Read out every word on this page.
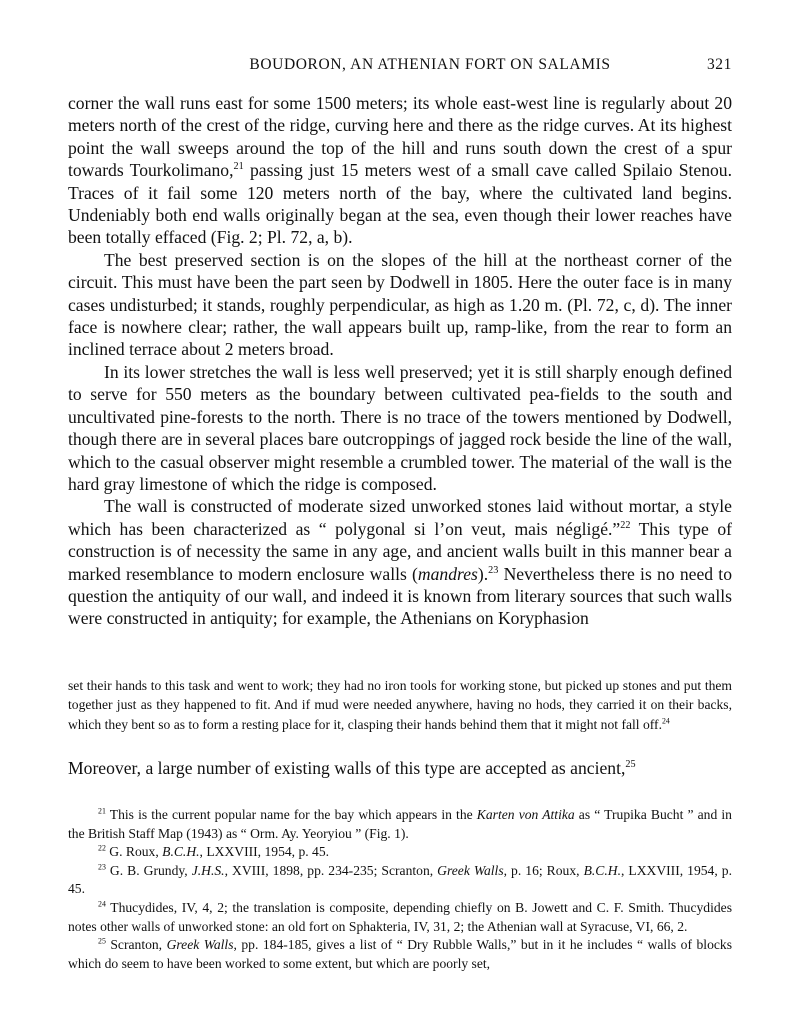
BOUDORON, AN ATHENIAN FORT ON SALAMIS	321

corner the wall runs east for some 1500 meters; its whole east-west line is regularly about 20 meters north of the crest of the ridge, curving here and there as the ridge curves. At its highest point the wall sweeps around the top of the hill and runs south down the crest of a spur towards Tourkolimano,$^{21}$ passing just 15 meters west of a small cave called Spilaio Stenou. Traces of it fail some 120 meters north of the bay, where the cultivated land begins. Undeniably both end walls originally began at the sea, even though their lower reaches have been totally effaced (Fig. 2; Pl. 72, a, b).

The best preserved section is on the slopes of the hill at the northeast corner of the circuit. This must have been the part seen by Dodwell in 1805. Here the outer face is in many cases undisturbed; it stands, roughly perpendicular, as high as 1.20 m. (Pl. 72, c, d). The inner face is nowhere clear; rather, the wall appears built up, ramp-like, from the rear to form an inclined terrace about 2 meters broad.

In its lower stretches the wall is less well preserved; yet it is still sharply enough defined to serve for 550 meters as the boundary between cultivated pea-fields to the south and uncultivated pine-forests to the north. There is no trace of the towers mentioned by Dodwell, though there are in several places bare outcroppings of jagged rock beside the line of the wall, which to the casual observer might resemble a crumbled tower. The material of the wall is the hard gray limestone of which the ridge is composed.

The wall is constructed of moderate sized unworked stones laid without mortar, a style which has been characterized as “ polygonal si l’on veut, mais négligé.”$^{22}$ This type of construction is of necessity the same in any age, and ancient walls built in this manner bear a marked resemblance to modern enclosure walls (mandres).$^{23}$ Nevertheless there is no need to question the antiquity of our wall, and indeed it is known from literary sources that such walls were constructed in antiquity; for example, the Athenians on Koryphasion

set their hands to this task and went to work; they had no iron tools for working stone, but picked up stones and put them together just as they happened to fit. And if mud were needed anywhere, having no hods, they carried it on their backs, which they bent so as to form a resting place for it, clasping their hands behind them that it might not fall off.$^{24}$

Moreover, a large number of existing walls of this type are accepted as ancient,$^{25}$

$^{21}$ This is the current popular name for the bay which appears in the Karten von Attika as “ Trupika Bucht ” and in the British Staff Map (1943) as “ Orm. Ay. Yeoryiou ” (Fig. 1).

$^{22}$ G. Roux, B.C.H., LXXVIII, 1954, p. 45.

$^{23}$ G. B. Grundy, J.H.S., XVIII, 1898, pp. 234-235; Scranton, Greek Walls, p. 16; Roux, B.C.H., LXXVIII, 1954, p. 45.

$^{24}$ Thucydides, IV, 4, 2; the translation is composite, depending chiefly on B. Jowett and C. F. Smith. Thucydides notes other walls of unworked stone: an old fort on Sphakteria, IV, 31, 2; the Athenian wall at Syracuse, VI, 66, 2.

$^{25}$ Scranton, Greek Walls, pp. 184-185, gives a list of “ Dry Rubble Walls,” but in it he includes “ walls of blocks which do seem to have been worked to some extent, but which are poorly set,
